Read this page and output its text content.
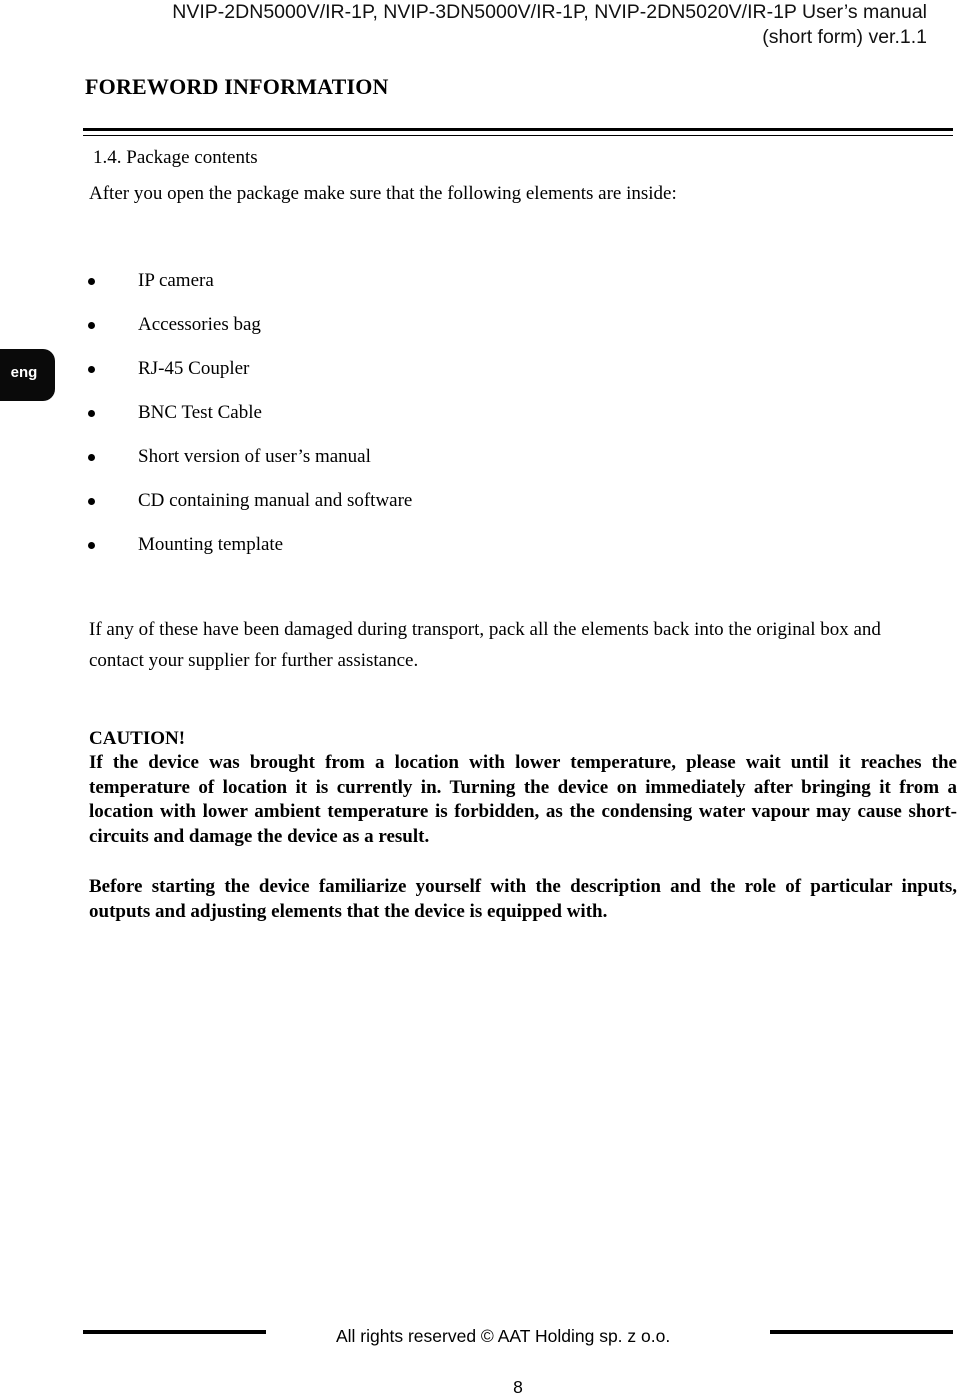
NVIP-2DN5000V/IR-1P, NVIP-3DN5000V/IR-1P, NVIP-2DN5020V/IR-1P User’s manual
(short form) ver.1.1
FOREWORD INFORMATION
eng
1.4. Package contents
After you open the package make sure that the following elements are inside:
IP camera
Accessories bag
RJ-45 Coupler
BNC Test Cable
Short version of user’s manual
CD containing manual and software
Mounting template
If any of these have been damaged during transport, pack all the elements back into the original box and contact your supplier for further assistance.
CAUTION!
If the device was brought from a location with lower temperature, please wait until it reaches the temperature of location it is currently in. Turning the device on immediately after bringing it from a location with lower ambient temperature is forbidden, as the condensing water vapour may cause short-circuits and damage the device as a result.
Before starting the device familiarize yourself with the description and the role of particular inputs, outputs and adjusting elements that the device is equipped with.
All rights reserved © AAT Holding sp. z o.o.
8
